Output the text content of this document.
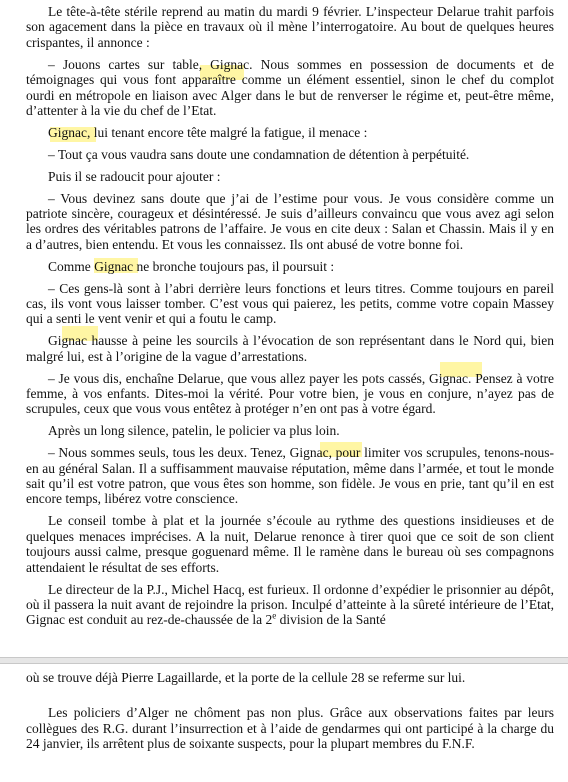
Le tête-à-tête stérile reprend au matin du mardi 9 février. L’inspecteur Delarue trahit parfois son agacement dans la pièce en travaux où il mène l’interrogatoire. Au bout de quelques heures crispantes, il annonce :

– Jouons cartes sur table, Gignac. Nous sommes en possession de documents et de témoignages qui vous font apparaître comme un élément essentiel, sinon le chef du complot ourdi en métropole en liaison avec Alger dans le but de renverser le régime et, peut-être même, d’attenter à la vie du chef de l’Etat.

Gignac, lui tenant encore tête malgré la fatigue, il menace :

– Tout ça vous vaudra sans doute une condamnation de détention à perpétuité.

Puis il se radoucit pour ajouter :

– Vous devinez sans doute que j’ai de l’estime pour vous. Je vous considère comme un patriote sincère, courageux et désintéressé. Je suis d’ailleurs convaincu que vous avez agi selon les ordres des véritables patrons de l’affaire. Je vous en cite deux : Salan et Chassin. Mais il y en a d’autres, bien entendu. Et vous les connaissez. Ils ont abusé de votre bonne foi.

Comme Gignac ne bronche toujours pas, il poursuit :

– Ces gens-là sont à l’abri derrière leurs fonctions et leurs titres. Comme toujours en pareil cas, ils vont vous laisser tomber. C’est vous qui paierez, les petits, comme votre copain Massey qui a senti le vent venir et qui a foutu le camp.

Gignac hausse à peine les sourcils à l’évocation de son représentant dans le Nord qui, bien malgré lui, est à l’origine de la vague d’arrestations.

– Je vous dis, enchaîne Delarue, que vous allez payer les pots cassés, Gignac. Pensez à votre femme, à vos enfants. Dites-moi la vérité. Pour votre bien, je vous en conjure, n’ayez pas de scrupules, ceux que vous vous entêtez à protéger n’en ont pas à votre égard.

Après un long silence, patelin, le policier va plus loin.

– Nous sommes seuls, tous les deux. Tenez, Gignac, pour limiter vos scrupules, tenons-nous-en au général Salan. Il a suffisamment mauvaise réputation, même dans l’armée, et tout le monde sait qu’il est votre patron, que vous êtes son homme, son fidèle. Je vous en prie, tant qu’il en est encore temps, libérez votre conscience.

Le conseil tombe à plat et la journée s’écoule au rythme des questions insidieuses et de quelques menaces imprécises. A la nuit, Delarue renonce à tirer quoi que ce soit de son client toujours aussi calme, presque goguenard même. Il le ramène dans le bureau où ses compagnons attendaient le résultat de ses efforts.

Le directeur de la P.J., Michel Hacq, est furieux. Il ordonne d’expédier le prisonnier au dépôt, où il passera la nuit avant de rejoindre la prison. Inculpé d’atteinte à la sûreté intérieure de l’Etat, Gignac est conduit au rez-de-chaussée de la 2e division de la Santé

où se trouve déjà Pierre Lagaillarde, et la porte de la cellule 28 se referme sur lui.

Les policiers d’Alger ne chôment pas non plus. Grâce aux observations faites par leurs collègues des R.G. durant l’insurrection et à l’aide de gendarmes qui ont participé à la charge du 24 janvier, ils arrêtent plus de soixante suspects, pour la plupart membres du F.N.F.
